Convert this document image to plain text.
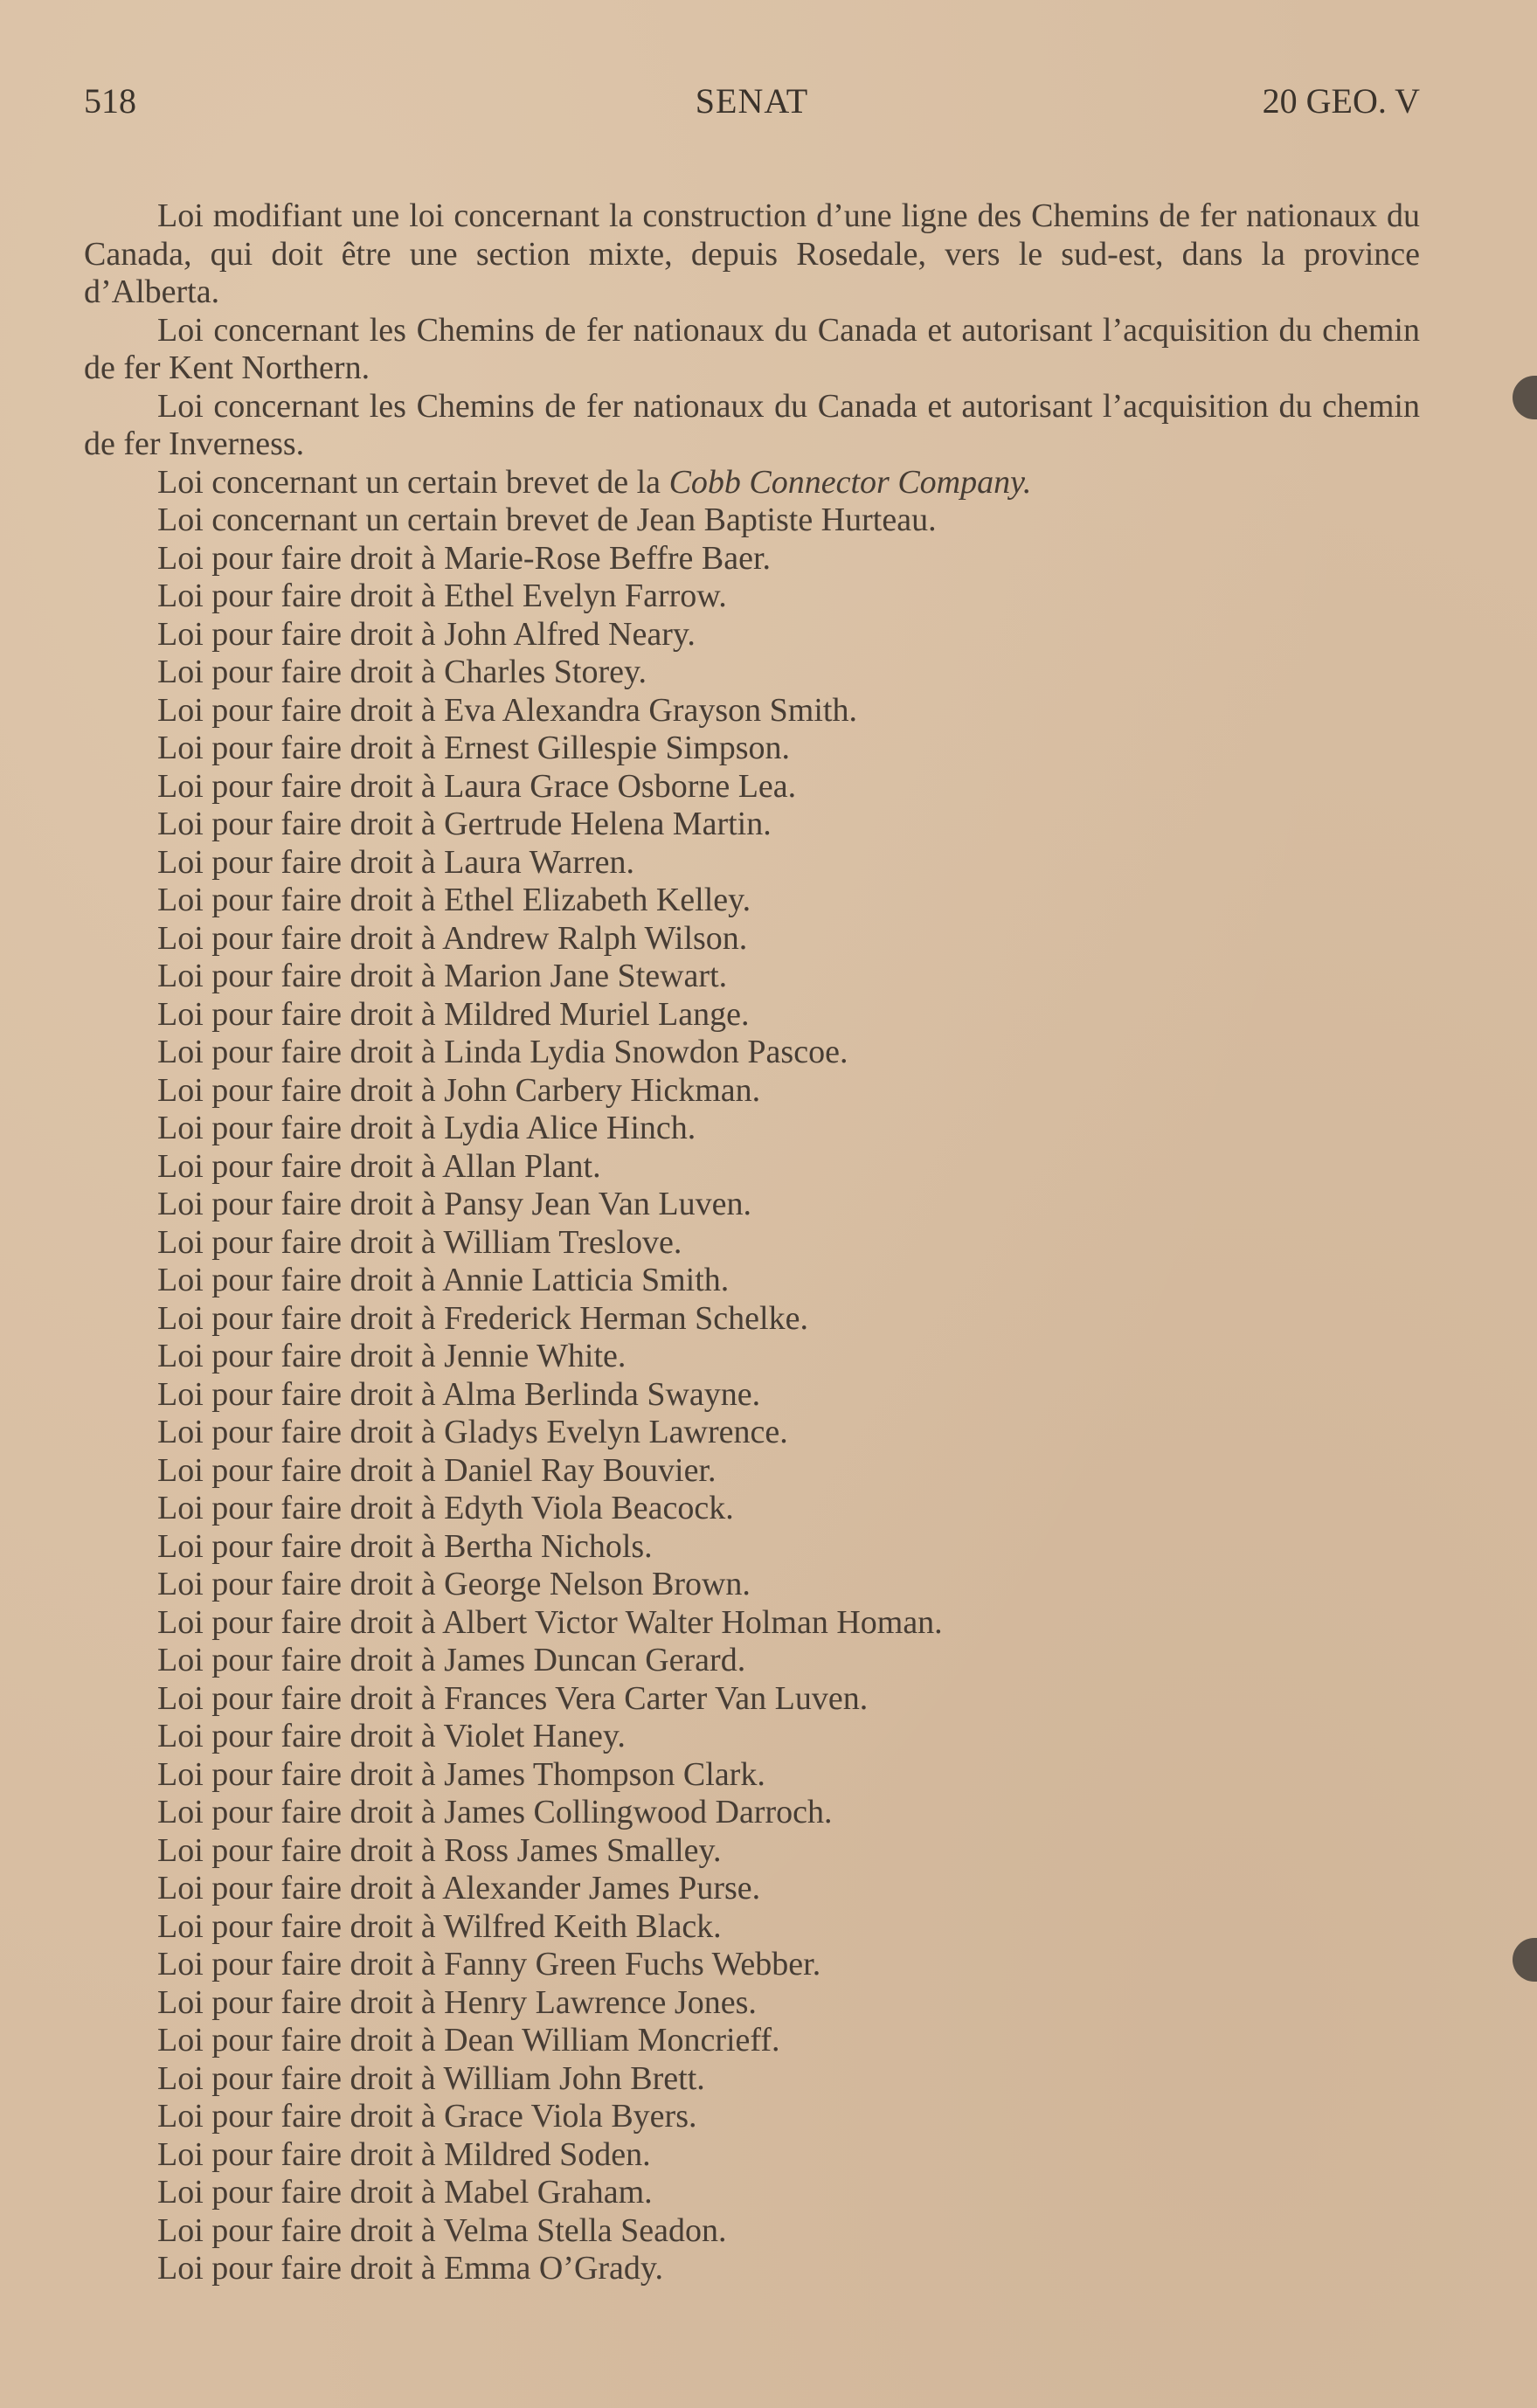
518	SENAT	20 GEO. V

Loi modifiant une loi concernant la construction d’une ligne des Chemins de fer nationaux du Canada, qui doit être une section mixte, depuis Rosedale, vers le sud-est, dans la province d’Alberta.

Loi concernant les Chemins de fer nationaux du Canada et autorisant l’acquisition du chemin de fer Kent Northern.

Loi concernant les Chemins de fer nationaux du Canada et autorisant l’acquisition du chemin de fer Inverness.

Loi concernant un certain brevet de la Cobb Connector Company.

Loi concernant un certain brevet de Jean Baptiste Hurteau.

Loi pour faire droit à Marie-Rose Beffre Baer.

Loi pour faire droit à Ethel Evelyn Farrow.

Loi pour faire droit à John Alfred Neary.

Loi pour faire droit à Charles Storey.

Loi pour faire droit à Eva Alexandra Grayson Smith.

Loi pour faire droit à Ernest Gillespie Simpson.

Loi pour faire droit à Laura Grace Osborne Lea.

Loi pour faire droit à Gertrude Helena Martin.

Loi pour faire droit à Laura Warren.

Loi pour faire droit à Ethel Elizabeth Kelley.

Loi pour faire droit à Andrew Ralph Wilson.

Loi pour faire droit à Marion Jane Stewart.

Loi pour faire droit à Mildred Muriel Lange.

Loi pour faire droit à Linda Lydia Snowdon Pascoe.

Loi pour faire droit à John Carbery Hickman.

Loi pour faire droit à Lydia Alice Hinch.

Loi pour faire droit à Allan Plant.

Loi pour faire droit à Pansy Jean Van Luven.

Loi pour faire droit à William Treslove.

Loi pour faire droit à Annie Latticia Smith.

Loi pour faire droit à Frederick Herman Schelke.

Loi pour faire droit à Jennie White.

Loi pour faire droit à Alma Berlinda Swayne.

Loi pour faire droit à Gladys Evelyn Lawrence.

Loi pour faire droit à Daniel Ray Bouvier.

Loi pour faire droit à Edyth Viola Beacock.

Loi pour faire droit à Bertha Nichols.

Loi pour faire droit à George Nelson Brown.

Loi pour faire droit à Albert Victor Walter Holman Homan.

Loi pour faire droit à James Duncan Gerard.

Loi pour faire droit à Frances Vera Carter Van Luven.

Loi pour faire droit à Violet Haney.

Loi pour faire droit à James Thompson Clark.

Loi pour faire droit à James Collingwood Darroch.

Loi pour faire droit à Ross James Smalley.

Loi pour faire droit à Alexander James Purse.

Loi pour faire droit à Wilfred Keith Black.

Loi pour faire droit à Fanny Green Fuchs Webber.

Loi pour faire droit à Henry Lawrence Jones.

Loi pour faire droit à Dean William Moncrieff.

Loi pour faire droit à William John Brett.

Loi pour faire droit à Grace Viola Byers.

Loi pour faire droit à Mildred Soden.

Loi pour faire droit à Mabel Graham.

Loi pour faire droit à Velma Stella Seadon.

Loi pour faire droit à Emma O’Grady.
